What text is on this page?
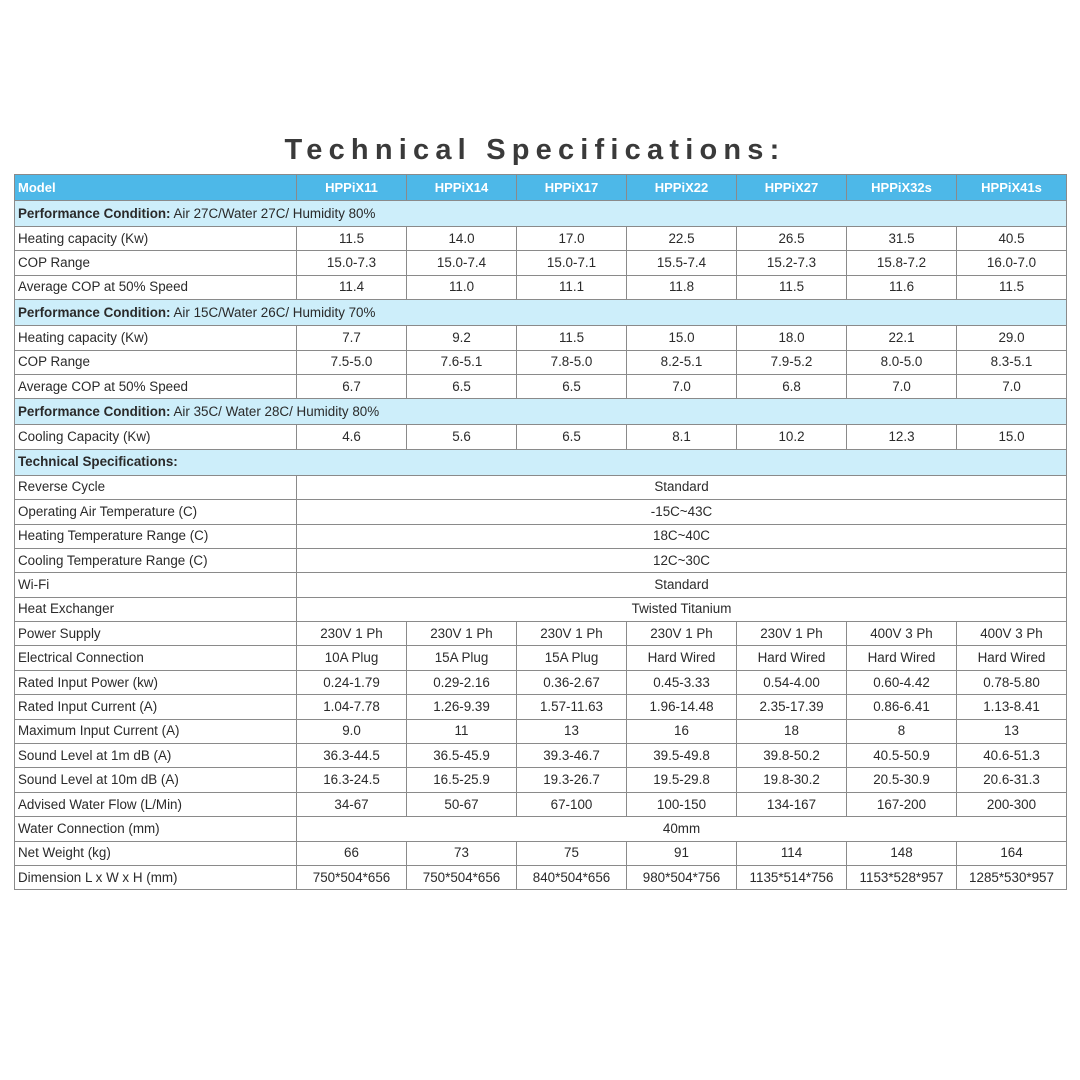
Technical Specifications:
Model	HPPiX11	HPPiX14	HPPiX17	HPPiX22	HPPiX27	HPPiX32s	HPPiX41s
Performance Condition: Air 27C/Water 27C/ Humidity 80%							
Heating capacity (Kw)	11.5	14.0	17.0	22.5	26.5	31.5	40.5
COP Range	15.0-7.3	15.0-7.4	15.0-7.1	15.5-7.4	15.2-7.3	15.8-7.2	16.0-7.0
Average COP at 50% Speed	11.4	11.0	11.1	11.8	11.5	11.6	11.5
Performance Condition: Air 15C/Water 26C/ Humidity 70%							
Heating capacity (Kw)	7.7	9.2	11.5	15.0	18.0	22.1	29.0
COP Range	7.5-5.0	7.6-5.1	7.8-5.0	8.2-5.1	7.9-5.2	8.0-5.0	8.3-5.1
Average COP at 50% Speed	6.7	6.5	6.5	7.0	6.8	7.0	7.0
Performance Condition: Air 35C/ Water 28C/ Humidity 80%							
Cooling Capacity (Kw)	4.6	5.6	6.5	8.1	10.2	12.3	15.0
Technical Specifications:							
Reverse Cycle	Standard						
Operating Air Temperature (C)	-15C~43C						
Heating Temperature Range (C)	18C~40C						
Cooling Temperature Range (C)	12C~30C						
Wi-Fi	Standard						
Heat Exchanger	Twisted Titanium						
Power Supply	230V 1 Ph	230V 1 Ph	230V 1 Ph	230V 1 Ph	230V 1 Ph	400V 3 Ph	400V 3 Ph
Electrical Connection	10A Plug	15A Plug	15A Plug	Hard Wired	Hard Wired	Hard Wired	Hard Wired
Rated Input Power (kw)	0.24-1.79	0.29-2.16	0.36-2.67	0.45-3.33	0.54-4.00	0.60-4.42	0.78-5.80
Rated Input Current (A)	1.04-7.78	1.26-9.39	1.57-11.63	1.96-14.48	2.35-17.39	0.86-6.41	1.13-8.41
Maximum Input Current (A)	9.0	11	13	16	18	8	13
Sound Level at 1m dB (A)	36.3-44.5	36.5-45.9	39.3-46.7	39.5-49.8	39.8-50.2	40.5-50.9	40.6-51.3
Sound Level at 10m dB (A)	16.3-24.5	16.5-25.9	19.3-26.7	19.5-29.8	19.8-30.2	20.5-30.9	20.6-31.3
Advised Water Flow (L/Min)	34-67	50-67	67-100	100-150	134-167	167-200	200-300
Water Connection (mm)	40mm						
Net Weight (kg)	66	73	75	91	114	148	164
Dimension L x W x H (mm)	750*504*656	750*504*656	840*504*656	980*504*756	1135*514*756	1153*528*957	1285*530*957
